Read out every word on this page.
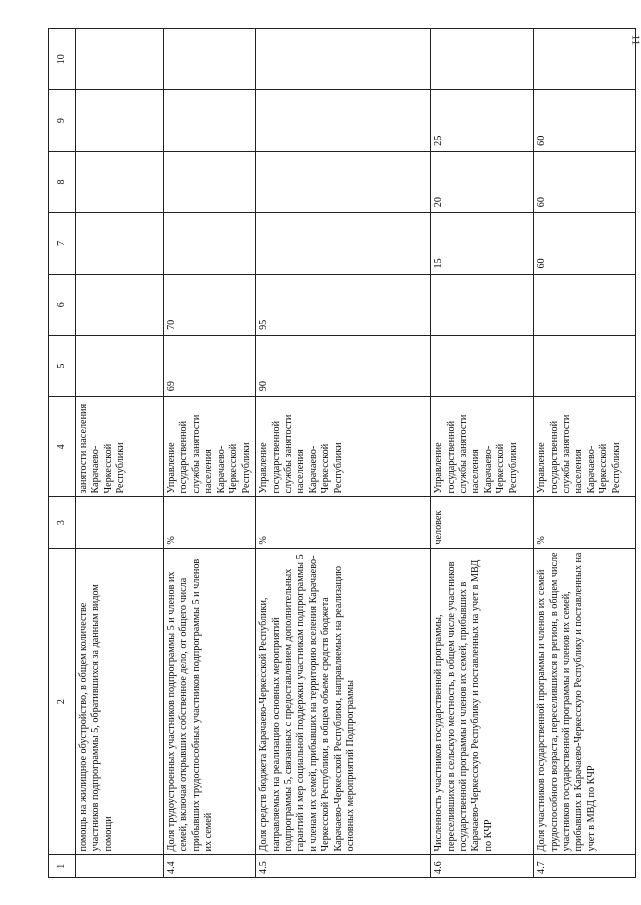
11
1	2	3	4	5	6	7	8	9	10
	помощь на жилищное обустройство, в общем количестве участников подпрограммы 5, обратившихся за данным видом помощи		занятости населения Карачаево-Черкесской Республики						
4.4	Доля трудоустроенных участников подпрограммы 5 и членов их семей, включая открывших собственное дело, от общего числа прибывших трудоспособных участников подпрограммы 5 и членов их семей	%	Управление государственной службы занятости населения Карачаево-Черкесской Республики	69	70				
4.5	Доля средств бюджета Карачаево-Черкесской Республики, направляемых на реализацию основных мероприятий подпрограммы 5, связанных с предоставлением дополнительных гарантий и мер социальной поддержки участникам подпрограммы 5 и членам их семей, прибывших на территорию вселения Карачаево-Черкесской Республики, в общем объеме средств бюджета Карачаево-Черкесской Республики, направляемых на реализацию основных мероприятий Подпрограммы	%	Управление государственной службы занятости населения Карачаево-Черкесской Республики	90	95				
4.6	Численность участников государственной программы, переселившихся в сельскую местность, в общем числе участников государственной программы и членов их семей, прибывших в Карачаево-Черкесскую Республику и поставленных на учет в МВД по КЧР	человек	Управление государственной службы занятости населения Карачаево-Черкесской Республики			15	20	25	
4.7	Доля участников государственной программы и членов их семей трудоспособного возраста, переселившихся в регион, в общем числе участников государственной программы и членов их семей, прибывших в Карачаево-Черкесскую Республику и поставленных на учет в МВД по КЧР	%	Управление государственной службы занятости населения Карачаево-Черкесской Республики			60	60	60	
